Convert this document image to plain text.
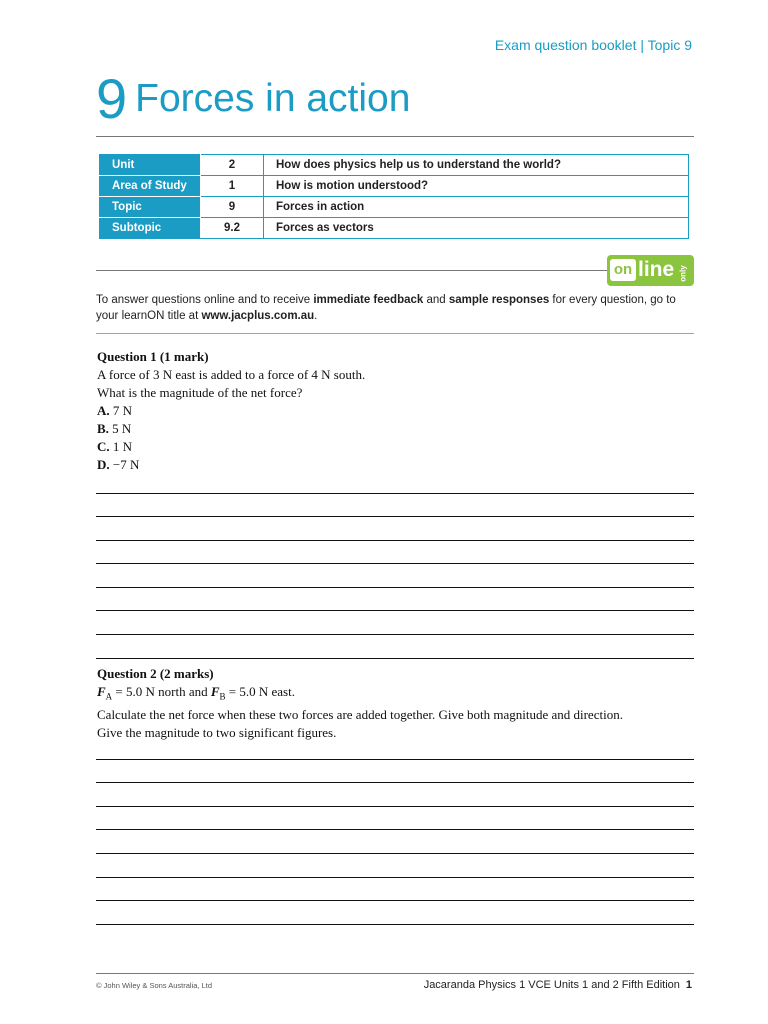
Exam question booklet | Topic 9
9 Forces in action
Unit	2	How does physics help us to understand the world?
Area of Study	1	How is motion understood?
Topic	9	Forces in action
Subtopic	9.2	Forces as vectors
on line only
To answer questions online and to receive immediate feedback and sample responses for every question, go to your learnON title at www.jacplus.com.au.
Question 1 (1 mark)
A force of 3 N east is added to a force of 4 N south.
What is the magnitude of the net force?
A. 7 N
B. 5 N
C. 1 N
D. −7 N
Question 2 (2 marks)
$F_A = 5.0$ N north and $F_B = 5.0$ N east.
Calculate the net force when these two forces are added together. Give both magnitude and direction.
Give the magnitude to two significant figures.
© John Wiley & Sons Australia, Ltd	Jacaranda Physics 1 VCE Units 1 and 2 Fifth Edition 1
